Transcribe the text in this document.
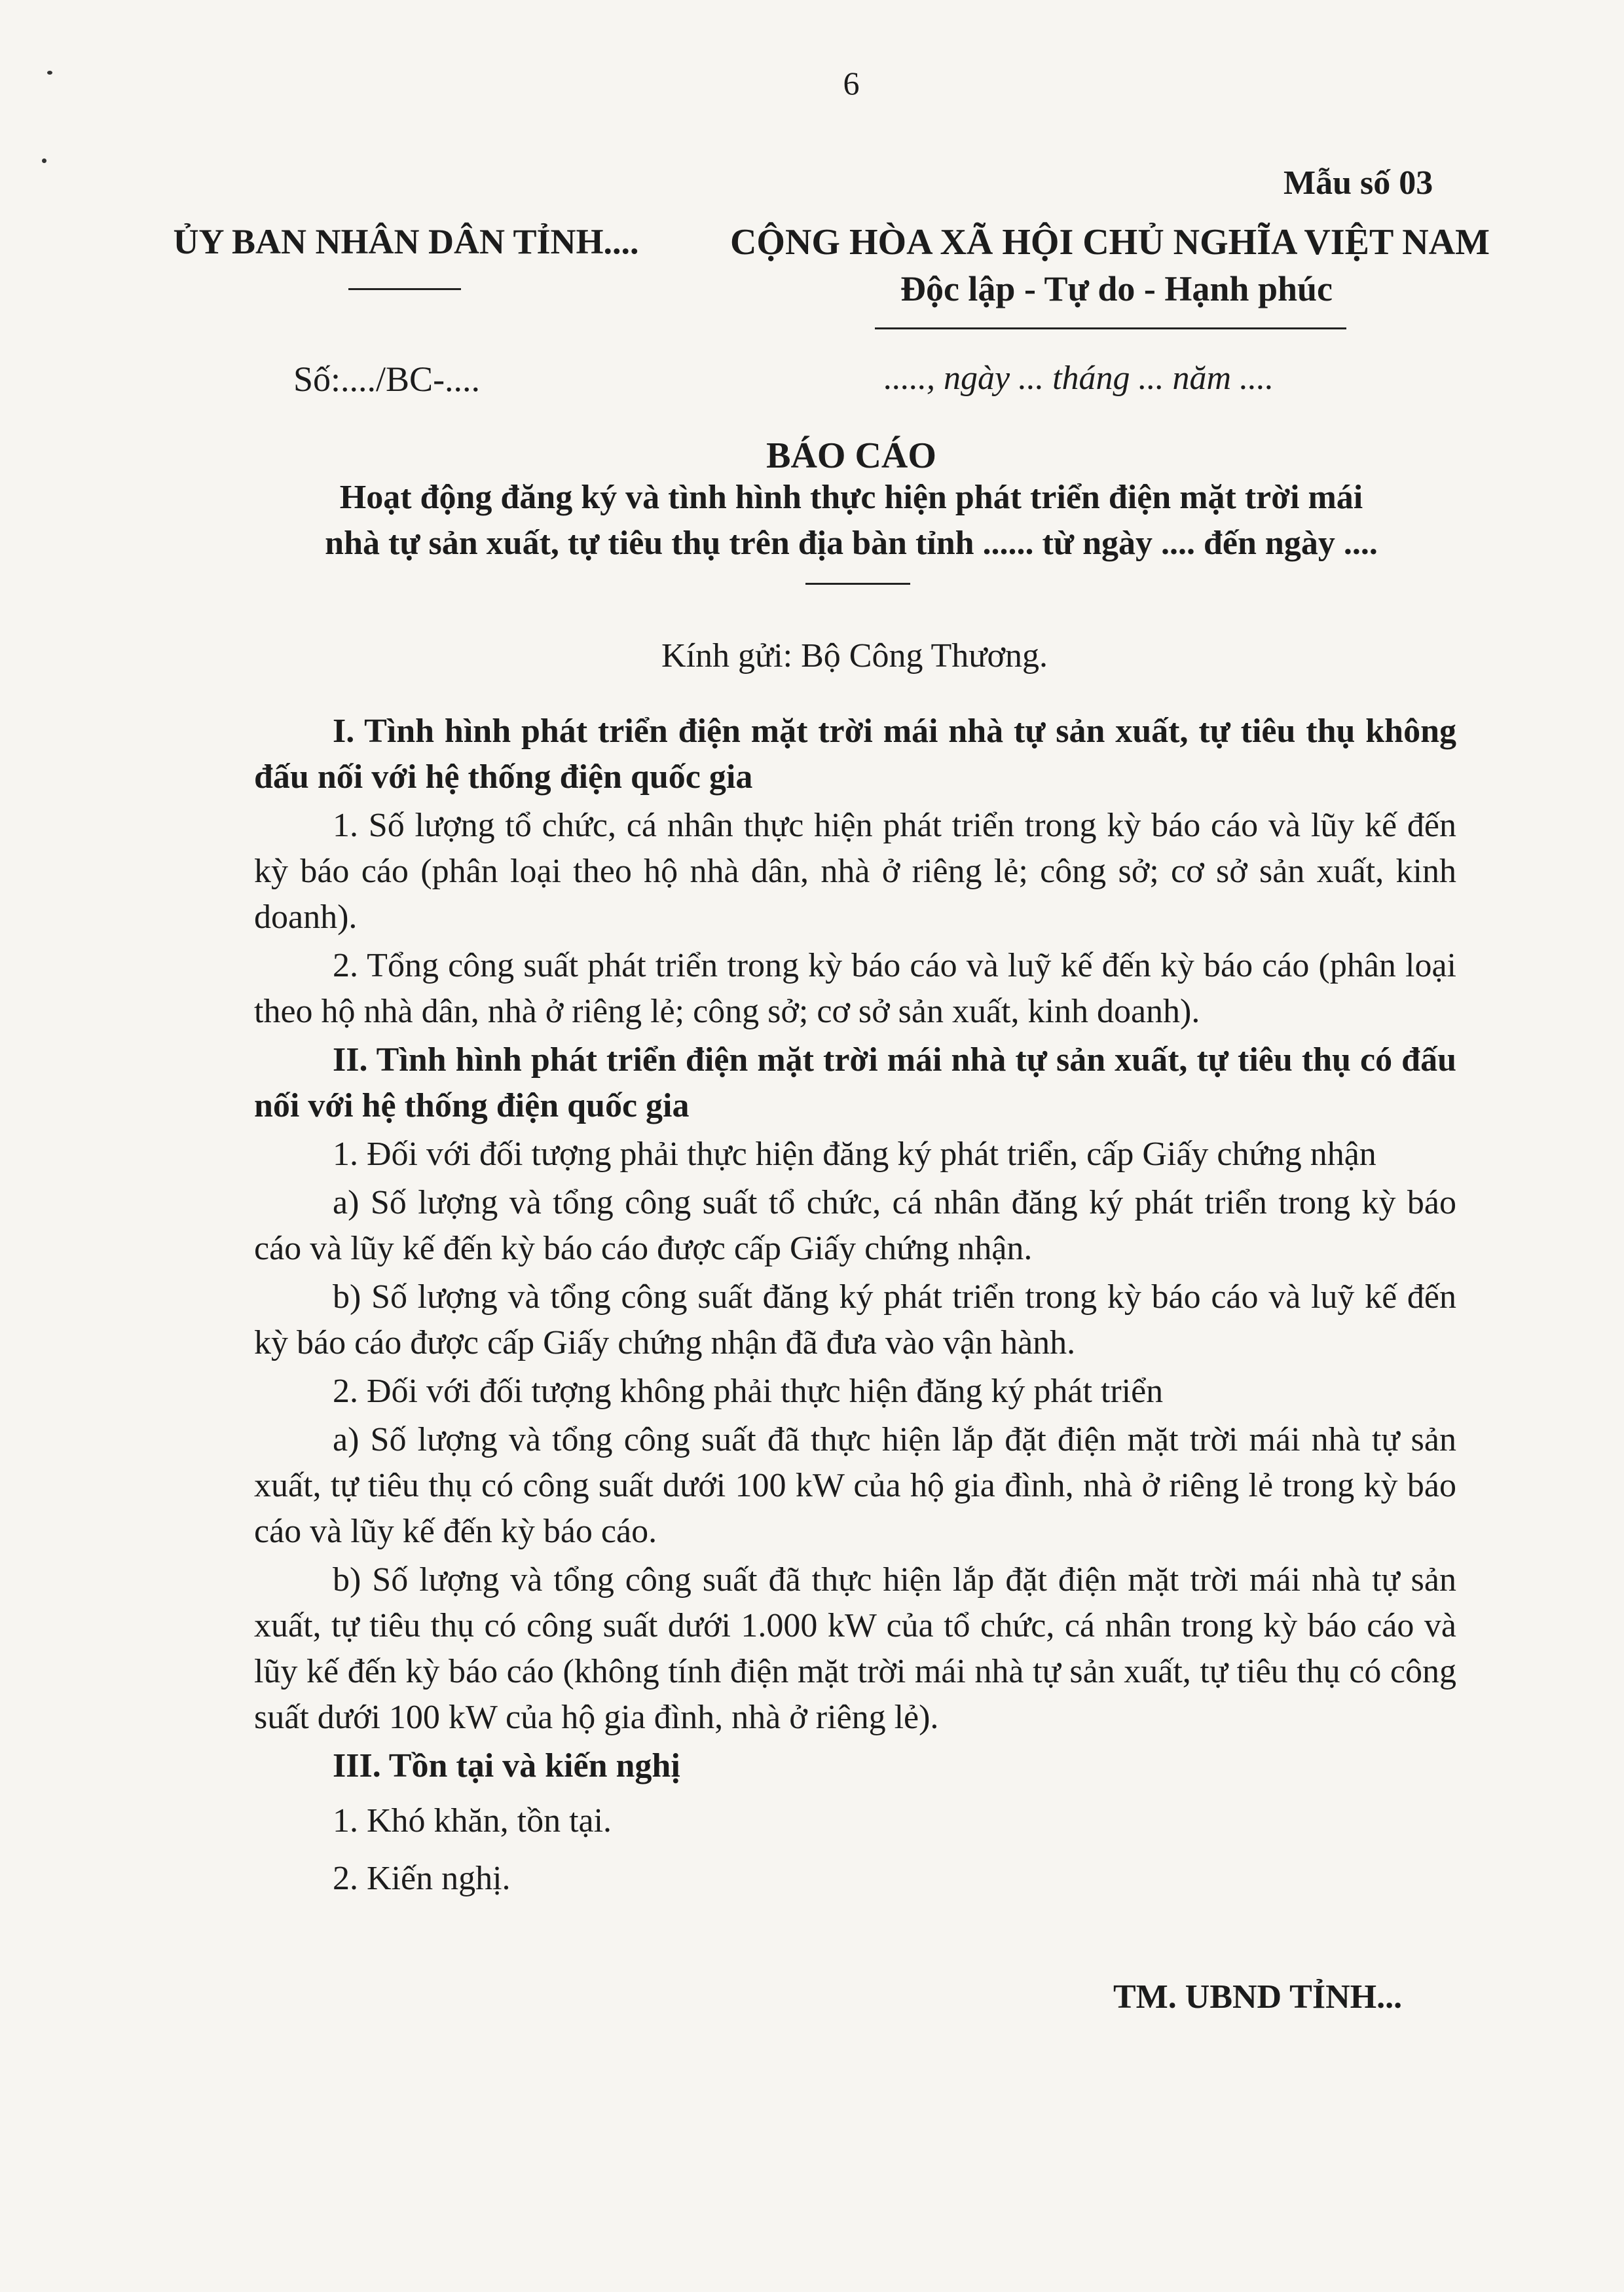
6
Mẫu số 03
ỦY BAN NHÂN DÂN TỈNH....
Số:..../BC-....
CỘNG HÒA XÃ HỘI CHỦ NGHĨA VIỆT NAM
Độc lập - Tự do - Hạnh phúc
....., ngày ... tháng ... năm ....
BÁO CÁO
Hoạt động đăng ký và tình hình thực hiện phát triển điện mặt trời mái
nhà tự sản xuất, tự tiêu thụ trên địa bàn tỉnh ...... từ ngày .... đến ngày ....
Kính gửi: Bộ Công Thương.

I. Tình hình phát triển điện mặt trời mái nhà tự sản xuất, tự tiêu thụ không đấu nối với hệ thống điện quốc gia

1. Số lượng tổ chức, cá nhân thực hiện phát triển trong kỳ báo cáo và lũy kế đến kỳ báo cáo (phân loại theo hộ nhà dân, nhà ở riêng lẻ; công sở; cơ sở sản xuất, kinh doanh).

2. Tổng công suất phát triển trong kỳ báo cáo và luỹ kế đến kỳ báo cáo (phân loại theo hộ nhà dân, nhà ở riêng lẻ; công sở; cơ sở sản xuất, kinh doanh).

II. Tình hình phát triển điện mặt trời mái nhà tự sản xuất, tự tiêu thụ có đấu nối với hệ thống điện quốc gia

1. Đối với đối tượng phải thực hiện đăng ký phát triển, cấp Giấy chứng nhận

a) Số lượng và tổng công suất tổ chức, cá nhân đăng ký phát triển trong kỳ báo cáo và lũy kế đến kỳ báo cáo được cấp Giấy chứng nhận.

b) Số lượng và tổng công suất đăng ký phát triển trong kỳ báo cáo và luỹ kế đến kỳ báo cáo được cấp Giấy chứng nhận đã đưa vào vận hành.

2. Đối với đối tượng không phải thực hiện đăng ký phát triển

a) Số lượng và tổng công suất đã thực hiện lắp đặt điện mặt trời mái nhà tự sản xuất, tự tiêu thụ có công suất dưới 100 kW của hộ gia đình, nhà ở riêng lẻ trong kỳ báo cáo và lũy kế đến kỳ báo cáo.

b) Số lượng và tổng công suất đã thực hiện lắp đặt điện mặt trời mái nhà tự sản xuất, tự tiêu thụ có công suất dưới 1.000 kW của tổ chức, cá nhân trong kỳ báo cáo và lũy kế đến kỳ báo cáo (không tính điện mặt trời mái nhà tự sản xuất, tự tiêu thụ có công suất dưới 100 kW của hộ gia đình, nhà ở riêng lẻ).

III. Tồn tại và kiến nghị

1. Khó khăn, tồn tại.

2. Kiến nghị.

TM. UBND TỈNH...
